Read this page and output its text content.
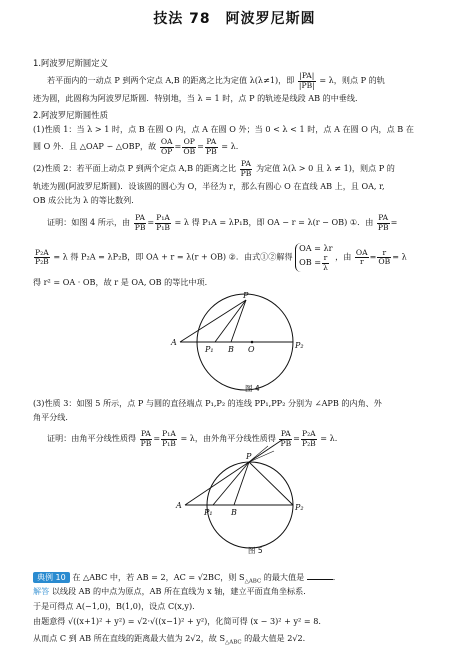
技法 78　阿波罗尼斯圆
1.阿波罗尼斯圆定义
若平面内的一动点 P 到两个定点 A,B 的距离之比为定值 λ(λ≠1)，即 $\frac{|PA|}{|PB|} = \lambda$，则点 P 的轨
迹为圆，此圆称为阿波罗尼斯圆．特别地，当 λ = 1 时，点 P 的轨迹是线段 AB 的中垂线．
2.阿波罗尼斯圆性质
(1)性质 1：当 λ > 1 时，点 B 在圆 O 内，点 A 在圆 O 外；当 0 < λ < 1 时，点 A 在圆 O 内，点 B 在
圆 O 外．且 △OAP ∽ △OBP，故 $\frac{OA}{OP} = \frac{OP}{OB} = \frac{PA}{PB} = \lambda$.
(2)性质 2：若平面上动点 P 到两个定点 A,B 的距离之比 $\frac{PA}{PB}$ 为定值 λ(λ > 0 且 λ ≠ 1)，则点 P 的
轨迹为圆(阿波罗尼斯圆)．设该圆的圆心为 O，半径为 r，那么有圆心 O 在直线 AB 上，且 OA, r,
OB 成公比为 λ 的等比数列．
证明：如图 4 所示，由 $\frac{PA}{PB} = \frac{\text{P₁A}}{\text{P₁B}} = \lambda$ 得 P₁A = λP₁B，即 OA − r = λ(r − OB) ①．由 $\frac{PA}{PB}$ =
$\frac{\text{P₂A}}{\text{P₂B}} = \lambda$ 得 P₂A = λP₂B，即 OA + r = λ(r + OB) ②．由式①②解得
OA = λr
OB = $\frac{r}{\lambda}$ ，由 $\frac{OA}{r} = \frac{r}{OB} = \lambda$
得 r² = OA · OB，故 r 是 OA, OB 的等比中项．
A
P₁ B O	P₂
P
图 4
(3)性质 3：如图 5 所示，点 P 与圆的直径端点 P₁,P₂ 的连线 PP₁,PP₂ 分别为 ∠APB 的内角、外
角平分线．
证明：由角平分线性质得 $\frac{PA}{PB} = \frac{\text{P₁A}}{\text{P₁B}} = \lambda$，由外角平分线性质得 $\frac{PA}{PB} = \frac{\text{P₂A}}{\text{P₂B}} = \lambda$.
A
P₁ B
P₂
P
图 5
典例 10 在 △ABC 中，若 AB = 2，AC = √2BC，则 $S_{\triangle ABC}$ 的最大值是	．
解答 以线段 AB 的中点为原点，AB 所在直线为 x 轴，建立平面直角坐标系．
于是可得点 A(−1,0)，B(1,0)，设点 C(x,y).
由题意得 √((x+1)² + y²) = √2·√((x−1)² + y²)，化简可得 (x − 3)² + y² = 8.
从而点 C 到 AB 所在直线的距离最大值为 2√2，故 $S_{\triangle ABC}$ 的最大值是 2√2.
